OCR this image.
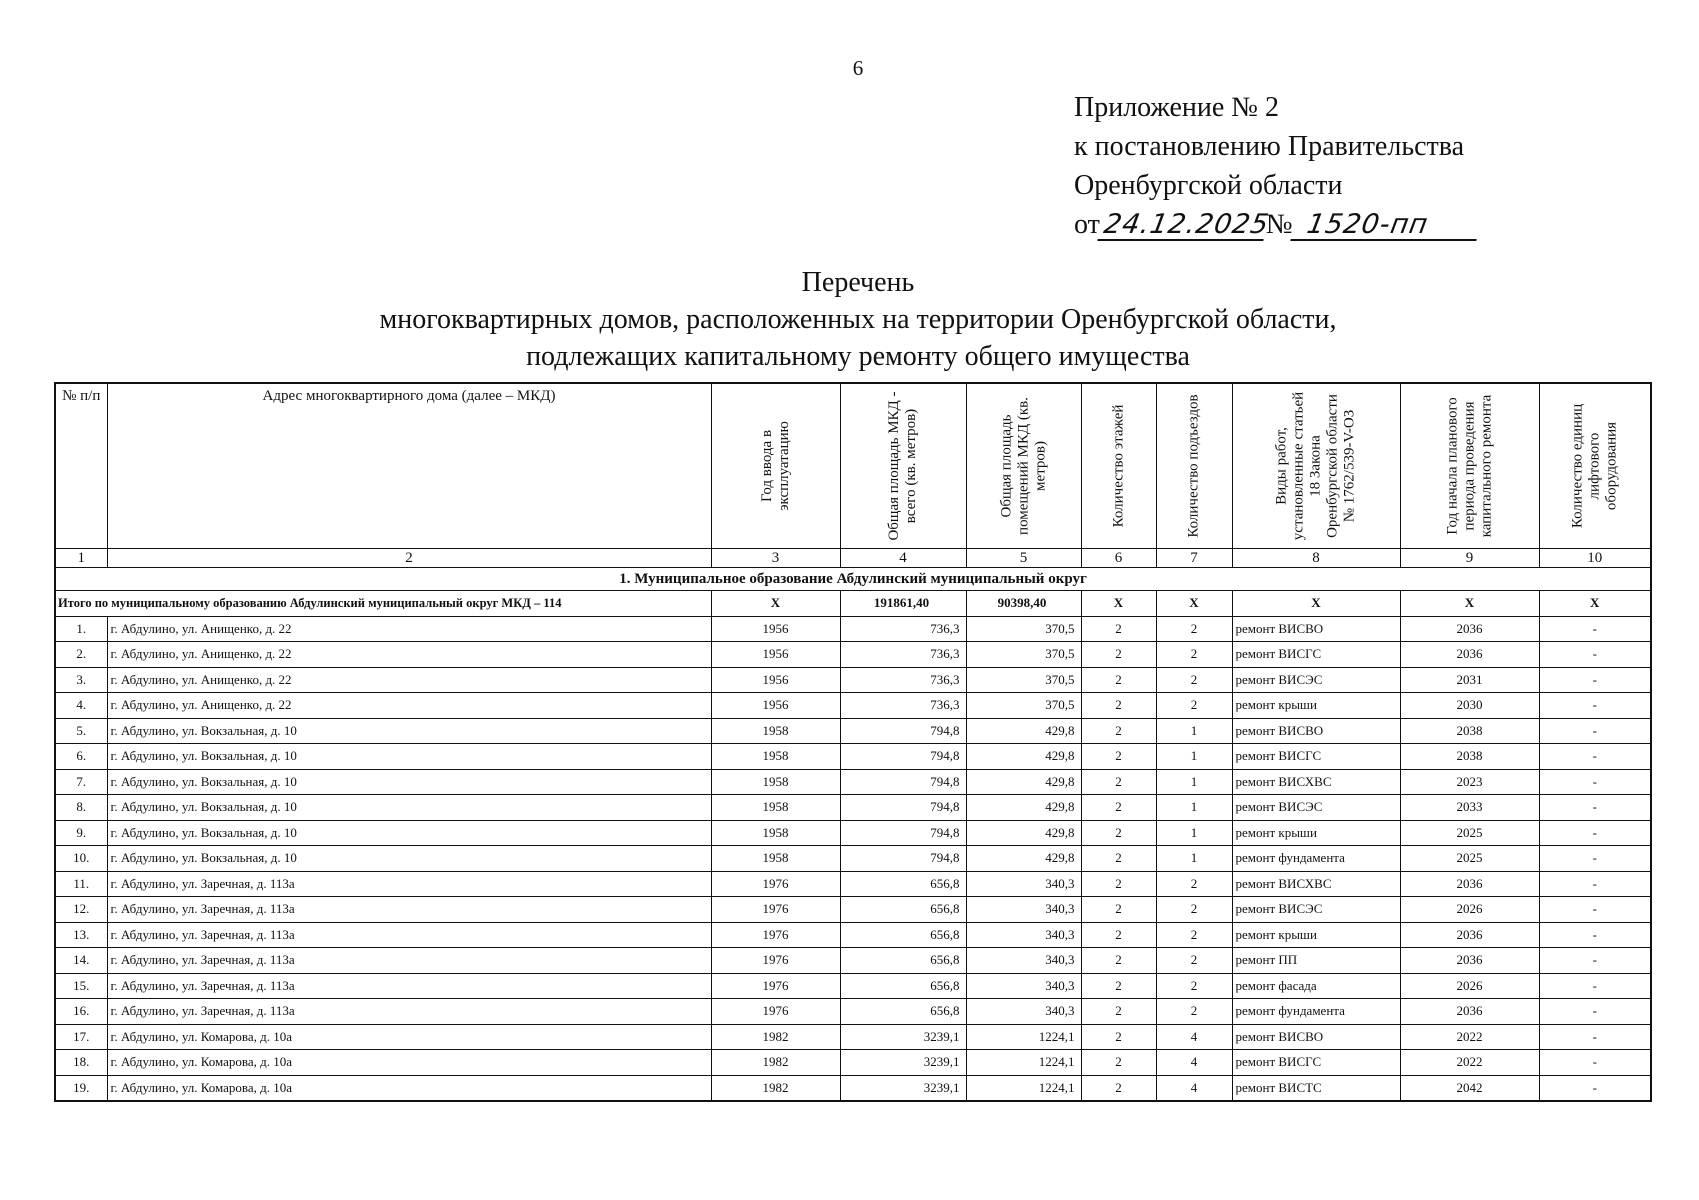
6
Приложение № 2
к постановлению Правительства
Оренбургской области
от24.12.2025№ 1520-пп
Перечень
многоквартирных домов, расположенных на территории Оренбургской области,
подлежащих капитальному ремонту общего имущества
№ п/п	Адрес многоквартирного дома (далее – МКД)	Год ввода в эксплуатацию	Общая площадь МКД - всего (кв. метров)	Общая площадь помещений МКД (кв. метров)	Количество этажей	Количество подъездов	Виды работ, установленные статьей 18 Закона Оренбургской области № 1762/539-V-ОЗ	Год начала планового периода проведения капитального ремонта	Количество единиц лифтового оборудования

1	2	3	4	5	6	7	8	9	10
1. Муниципальное образование Абдулинский муниципальный округ									
Итого по муниципальному образованию Абдулинский муниципальный округ МКД – 114		X	191861,40	90398,40	X	X	X	X	X
1.	г. Абдулино, ул. Анищенко, д. 22	1956	736,3	370,5	2	2	ремонт ВИСВО	2036	-
2.	г. Абдулино, ул. Анищенко, д. 22	1956	736,3	370,5	2	2	ремонт ВИСГС	2036	-
3.	г. Абдулино, ул. Анищенко, д. 22	1956	736,3	370,5	2	2	ремонт ВИСЭС	2031	-
4.	г. Абдулино, ул. Анищенко, д. 22	1956	736,3	370,5	2	2	ремонт крыши	2030	-
5.	г. Абдулино, ул. Вокзальная, д. 10	1958	794,8	429,8	2	1	ремонт ВИСВО	2038	-
6.	г. Абдулино, ул. Вокзальная, д. 10	1958	794,8	429,8	2	1	ремонт ВИСГС	2038	-
7.	г. Абдулино, ул. Вокзальная, д. 10	1958	794,8	429,8	2	1	ремонт ВИСХВС	2023	-
8.	г. Абдулино, ул. Вокзальная, д. 10	1958	794,8	429,8	2	1	ремонт ВИСЭС	2033	-
9.	г. Абдулино, ул. Вокзальная, д. 10	1958	794,8	429,8	2	1	ремонт крыши	2025	-
10.	г. Абдулино, ул. Вокзальная, д. 10	1958	794,8	429,8	2	1	ремонт фундамента	2025	-
11.	г. Абдулино, ул. Заречная, д. 113а	1976	656,8	340,3	2	2	ремонт ВИСХВС	2036	-
12.	г. Абдулино, ул. Заречная, д. 113а	1976	656,8	340,3	2	2	ремонт ВИСЭС	2026	-
13.	г. Абдулино, ул. Заречная, д. 113а	1976	656,8	340,3	2	2	ремонт крыши	2036	-
14.	г. Абдулино, ул. Заречная, д. 113а	1976	656,8	340,3	2	2	ремонт ПП	2036	-
15.	г. Абдулино, ул. Заречная, д. 113а	1976	656,8	340,3	2	2	ремонт фасада	2026	-
16.	г. Абдулино, ул. Заречная, д. 113а	1976	656,8	340,3	2	2	ремонт фундамента	2036	-
17.	г. Абдулино, ул. Комарова, д. 10а	1982	3239,1	1224,1	2	4	ремонт ВИСВО	2022	-
18.	г. Абдулино, ул. Комарова, д. 10а	1982	3239,1	1224,1	2	4	ремонт ВИСГС	2022	-
19.	г. Абдулино, ул. Комарова, д. 10а	1982	3239,1	1224,1	2	4	ремонт ВИСТС	2042	-
